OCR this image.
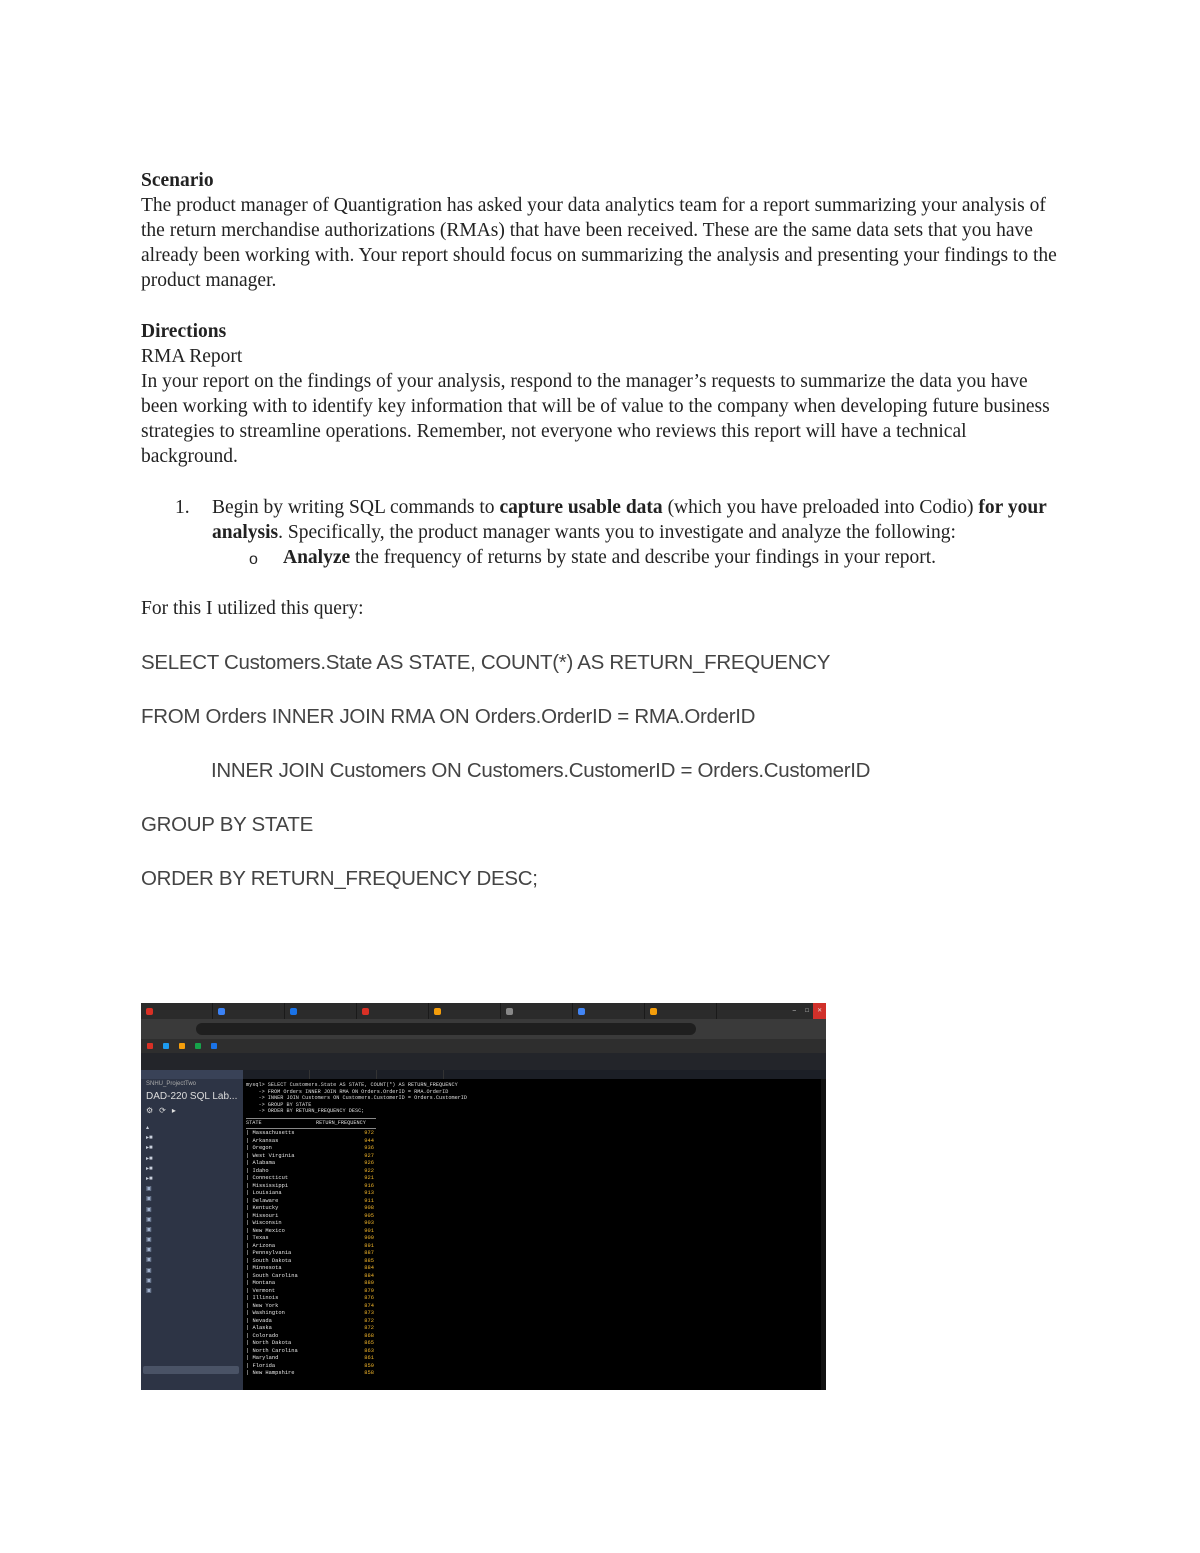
Scenario

The product manager of Quantigration has asked your data analytics team for a report summarizing your analysis of the return merchandise authorizations (RMAs) that have been received. These are the same data sets that you have already been working with. Your report should focus on summarizing the analysis and presenting your findings to the product manager.

Directions

RMA Report

In your report on the findings of your analysis, respond to the manager’s requests to summarize the data you have been working with to identify key information that will be of value to the company when developing future business strategies to streamline operations. Remember, not everyone who reviews this report will have a technical background.

1. Begin by writing SQL commands to capture usable data (which you have preloaded into Codio) for your analysis. Specifically, the product manager wants you to investigate and analyze the following:
o Analyze the frequency of returns by state and describe your findings in your report.

For this I utilized this query:

SELECT Customers.State AS STATE, COUNT(*) AS RETURN_FREQUENCY

FROM Orders INNER JOIN RMA ON Orders.OrderID = RMA.OrderID

INNER JOIN Customers ON Customers.CustomerID = Orders.CustomerID

GROUP BY STATE

ORDER BY RETURN_FREQUENCY DESC;

–	□	✕
SNHU_ProjectTwo
DAD-220 SQL Lab...
⚙ ⟳ ▸
▴
▸■
▸■
▸■
▸■
▸■
▣
▣
▣
▣
▣
▣
▣
▣
▣
▣
▣
mysql> SELECT Customers.State AS STATE, COUNT(*) AS RETURN_FREQUENCY
-> FROM Orders INNER JOIN RMA ON Orders.OrderID = RMA.OrderID
-> INNER JOIN Customers ON Customers.CustomerID = Orders.CustomerID
-> GROUP BY STATE
-> ORDER BY RETURN_FREQUENCY DESC;
STATE	RETURN_FREQUENCY
| Massachusetts	972
| Arkansas	944
| Oregon	936
| West Virginia	927
| Alabama	926
| Idaho	922
| Connecticut	921
| Mississippi	916
| Louisiana	913
| Delaware	911
| Kentucky	908
| Missouri	905
| Wisconsin	903
| New Mexico	901
| Texas	900
| Arizona	891
| Pennsylvania	887
| South Dakota	885
| Minnesota	884
| South Carolina	884
| Montana	880
| Vermont	879
| Illinois	876
| New York	874
| Washington	873
| Nevada	872
| Alaska	872
| Colorado	868
| North Dakota	865
| North Carolina	863
| Maryland	861
| Florida	859
| New Hampshire	858
